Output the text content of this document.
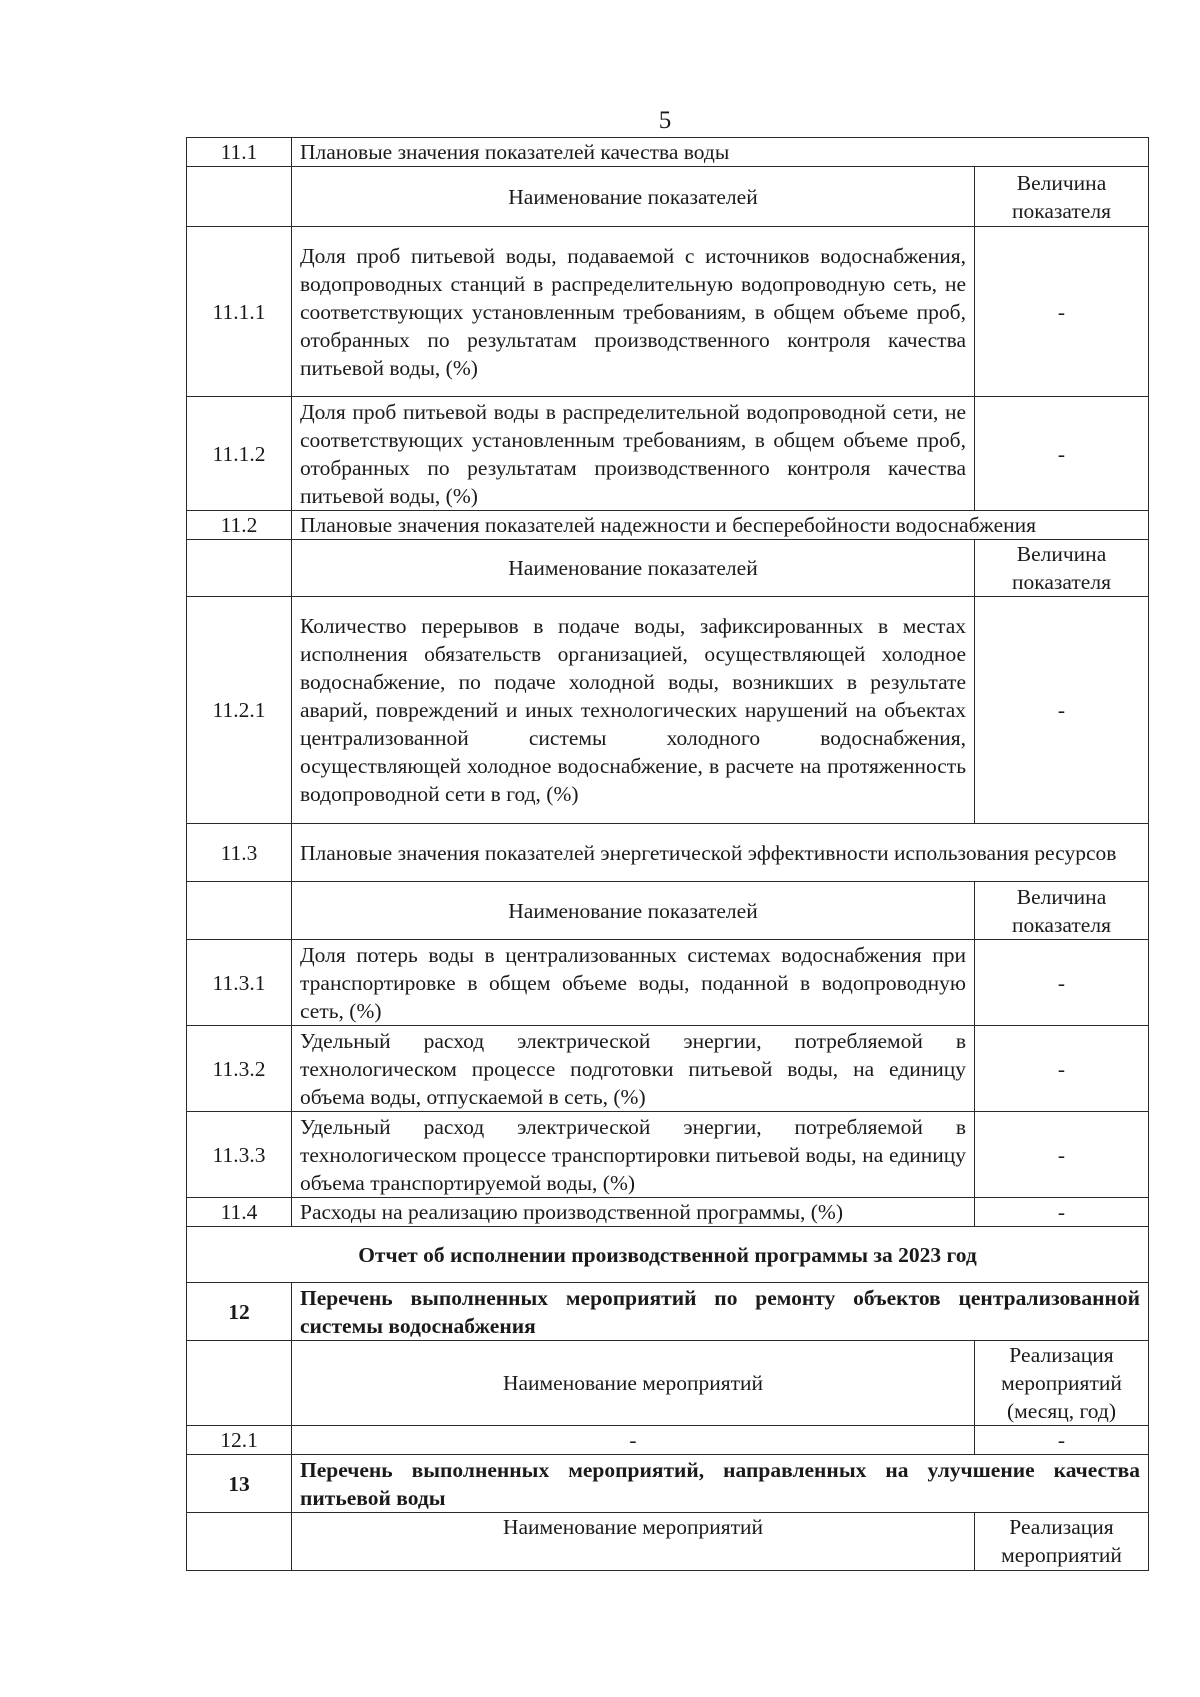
5
11.1	Плановые значения показателей качества воды	
	Наименование показателей	Величина показателя
11.1.1	Доля проб питьевой воды, подаваемой с источников водоснабжения, водопроводных станций в распределительную водопроводную сеть, не соответствующих установленным требованиям, в общем объеме проб, отобранных по результатам производственного контроля качества питьевой воды, (%)	-
11.1.2	Доля проб питьевой воды в распределительной водопроводной сети, не соответствующих установленным требованиям, в общем объеме проб, отобранных по результатам производственного контроля качества питьевой воды, (%)	-
11.2	Плановые значения показателей надежности и бесперебойности водоснабжения	
	Наименование показателей	Величина показателя
11.2.1	Количество перерывов в подаче воды, зафиксированных в местах исполнения обязательств организацией, осуществляющей холодное водоснабжение, по подаче холодной воды, возникших в результате аварий, повреждений и иных технологических нарушений на объектах централизованной системы холодного водоснабжения, осуществляющей холодное водоснабжение, в расчете на протяженность водопроводной сети в год, (%)	-
11.3	Плановые значения показателей энергетической эффективности использования ресурсов	
	Наименование показателей	Величина показателя
11.3.1	Доля потерь воды в централизованных системах водоснабжения при транспортировке в общем объеме воды, поданной в водопроводную сеть, (%)	-
11.3.2	Удельный расход электрической энергии, потребляемой в технологическом процессе подготовки питьевой воды, на единицу объема воды, отпускаемой в сеть, (%)	-
11.3.3	Удельный расход электрической энергии, потребляемой в технологическом процессе транспортировки питьевой воды, на единицу объема транспортируемой воды, (%)	-
11.4	Расходы на реализацию производственной программы, (%)	-
Отчет об исполнении производственной программы за 2023 год		
12	Перечень выполненных мероприятий по ремонту объектов централизованной системы водоснабжения	
	Наименование мероприятий	Реализация мероприятий (месяц, год)
12.1	-	-
13	Перечень выполненных мероприятий, направленных на улучшение качества питьевой воды	
	Наименование мероприятий	Реализация мероприятий
